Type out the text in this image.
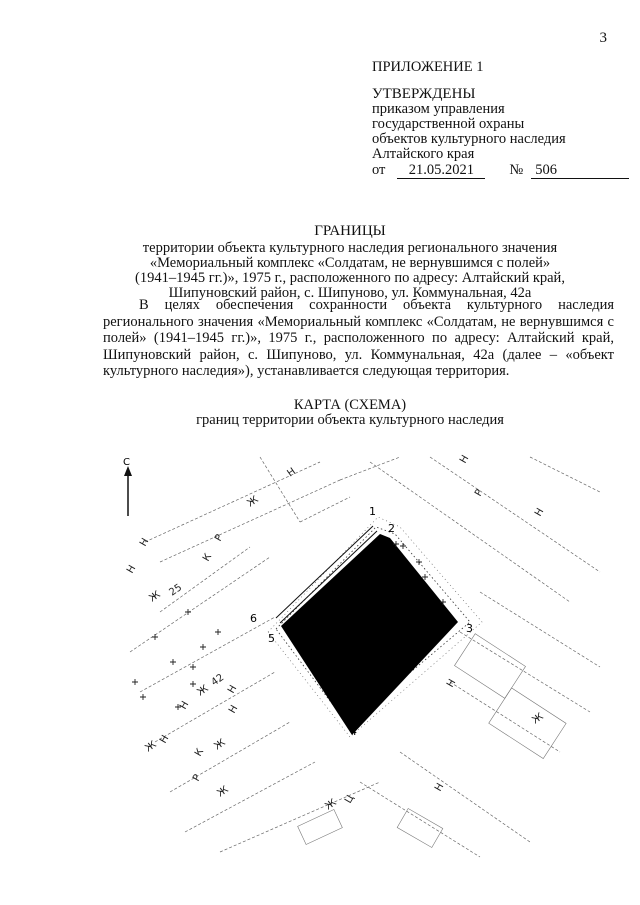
3
ПРИЛОЖЕНИЕ 1
УТВЕРЖДЕНЫ
приказом управления
государственной охраны
объектов культурного наследия
Алтайского края
от	21.05.2021	№ 506
ГРАНИЦЫ
территории объекта культурного наследия регионального значения
«Мемориальный комплекс «Солдатам, не вернувшимся с полей»
(1941–1945 гг.)», 1975 г., расположенного по адресу: Алтайский край,
Шипуновский район, с. Шипуново, ул. Коммунальная, 42а

В целях обеспечения сохранности объекта культурного наследия регионального значения «Мемориальный комплекс «Солдатам, не вернувшимся с полей» (1941–1945 гг.)», 1975 г., расположенного по адресу: Алтайский край, Шипуновский район, с. Шипуново, ул. Коммунальная, 42а (далее – «объект культурного наследия»), устанавливается следующая территория.

КАРТА (СХЕМА)
границ территории объекта культурного наследия
С
1
2
3
4
5
6
Ж
Н
К
Р
Н
Н
Ж 25
Ж
42
Н
Н	Н
Ж Н
К
Ж
Р
Ж
Ж Ц
Н
Ж
Р
Н
Н
Н
